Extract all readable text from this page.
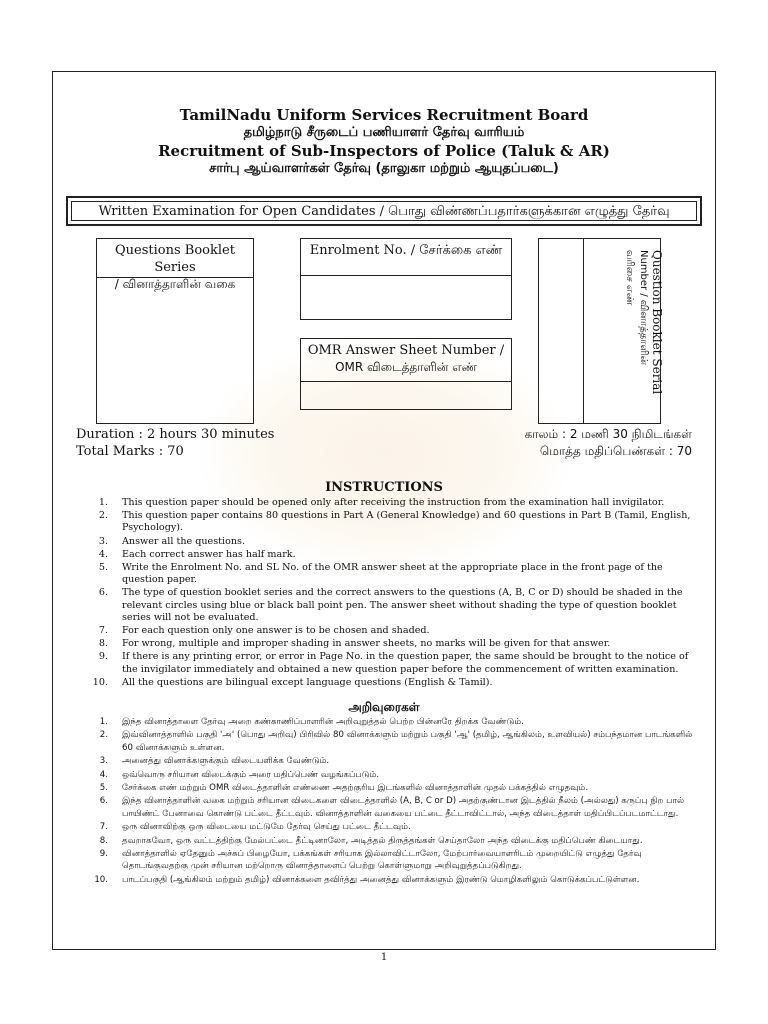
TamilNadu Uniform Services Recruitment Board
தமிழ்நாடு சீருடைப் பணியாளர் தேர்வு வாரியம்
Recruitment of Sub-Inspectors of Police (Taluk & AR)
சார்பு ஆய்வாளர்கள் தேர்வு (தாலுகா மற்றும் ஆயுதப்படை)
Written Examination for Open Candidates / பொது விண்ணப்பதார்களுக்கான எழுத்து தேர்வு
Questions Booklet Series
/ வினாத்தாளின் வகை
Enrolment No. / சேர்க்கை எண்
OMR Answer Sheet Number /
OMR விடைத்தாளின் எண்	Question Booklet Serial
Number / வினாத்தாளின்
வரிசை எண்
Duration : 2 hours 30 minutes
Total Marks : 70
காலம் : 2 மணி 30 நிமிடங்கள்
மொத்த மதிப்பெண்கள் : 70
INSTRUCTIONS
1. This question paper should be opened only after receiving the instruction from the examination hall invigilator.
2. This question paper contains 80 questions in Part A (General Knowledge) and 60 questions in Part B (Tamil, English, Psychology).
3. Answer all the questions.
4. Each correct answer has half mark.
5. Write the Enrolment No. and SL No. of the OMR answer sheet at the appropriate place in the front page of the question paper.
6. The type of question booklet series and the correct answers to the questions (A, B, C or D) should be shaded in the relevant circles using blue or black ball point pen. The answer sheet without shading the type of question booklet series will not be evaluated.
7. For each question only one answer is to be chosen and shaded.
8. For wrong, multiple and improper shading in answer sheets, no marks will be given for that answer.
9. If there is any printing error, or error in Page No. in the question paper, the same should be brought to the notice of the invigilator immediately and obtained a new question paper before the commencement of written examination.
10. All the questions are bilingual except language questions (English & Tamil).
அறிவுரைகள்
1. இந்த வினாத்தாளை தேர்வு அறை கண்காணிப்பாளரின் அறிவுறுத்தல் பெற்ற பின்னரே திறக்க வேண்டும்.
2. இவ்வினாத்தாளில் பகுதி 'அ' (பொது அறிவு) பிரிவில் 80 வினாக்களும் மற்றும் பகுதி 'ஆ' (தமிழ், ஆங்கிலம், உளவியல்) சம்பந்தமான பாடங்களில் 60 வினாக்களும் உள்ளன.
3. அனைத்து வினாக்களுக்கும் விடையளிக்க வேண்டும்.
4. ஒவ்வொரு சரியான விடைக்கும் அரை மதிப்பெண் வழங்கப்படும்.
5. சேர்க்கை எண் மற்றும் OMR விடைத்தாளின் எண்ணை அதற்குரிய இடங்களில் வினாத்தாளின் முதல் பக்கத்தில் எழுதவும்.
6. இந்த வினாத்தாளின் வகை மற்றும் சரியான விடைகளை விடைத்தாளில் (A, B, C or D) அதற்குண்டான இடத்தில் நீலம் (அல்லது) கருப்பு நிற பால் பாயிண்ட் பேனாவை கொண்டு பட்டை தீட்டவும். வினாத்தாளின் வகையை பட்டை தீட்டாவிட்டால், அந்த விடைத்தாள் மதிப்பிடப்படமாட்டாது.
7. ஒரு வினாவிற்கு ஒரு விடையை மட்டுமே தேர்வு செய்து பட்டை தீட்டவும்.
8. தவறாகவோ, ஒரு வட்டத்திற்கு மேல்பட்டை தீட்டினாலோ, அடித்தல் திருத்தங்கள் செய்தாலோ அந்த விடைக்கு மதிப்பெண் கிடையாது.
9. வினாத்தாளில் ஏதேனும் அச்சுப் பிழையோ, பக்கங்கள் சரியாக இல்லாவிட்டாலோ, மேற்பார்வையாளரிடம் முறையிட்டு எழுத்து தேர்வு தொடங்குவதற்கு முன் சரியான மற்றொரு வினாத்தாளைப் பெற்று கொள்ளுமாறு அறிவுறுத்தப்படுகிறது.
10. பாடப்பகுதி (ஆங்கிலம் மற்றும் தமிழ்) வினாக்களை தவிர்த்து அனைத்து வினாக்களும் இரண்டு மொழிகளிலும் கொடுக்கப்பட்டுள்ளன.
1
